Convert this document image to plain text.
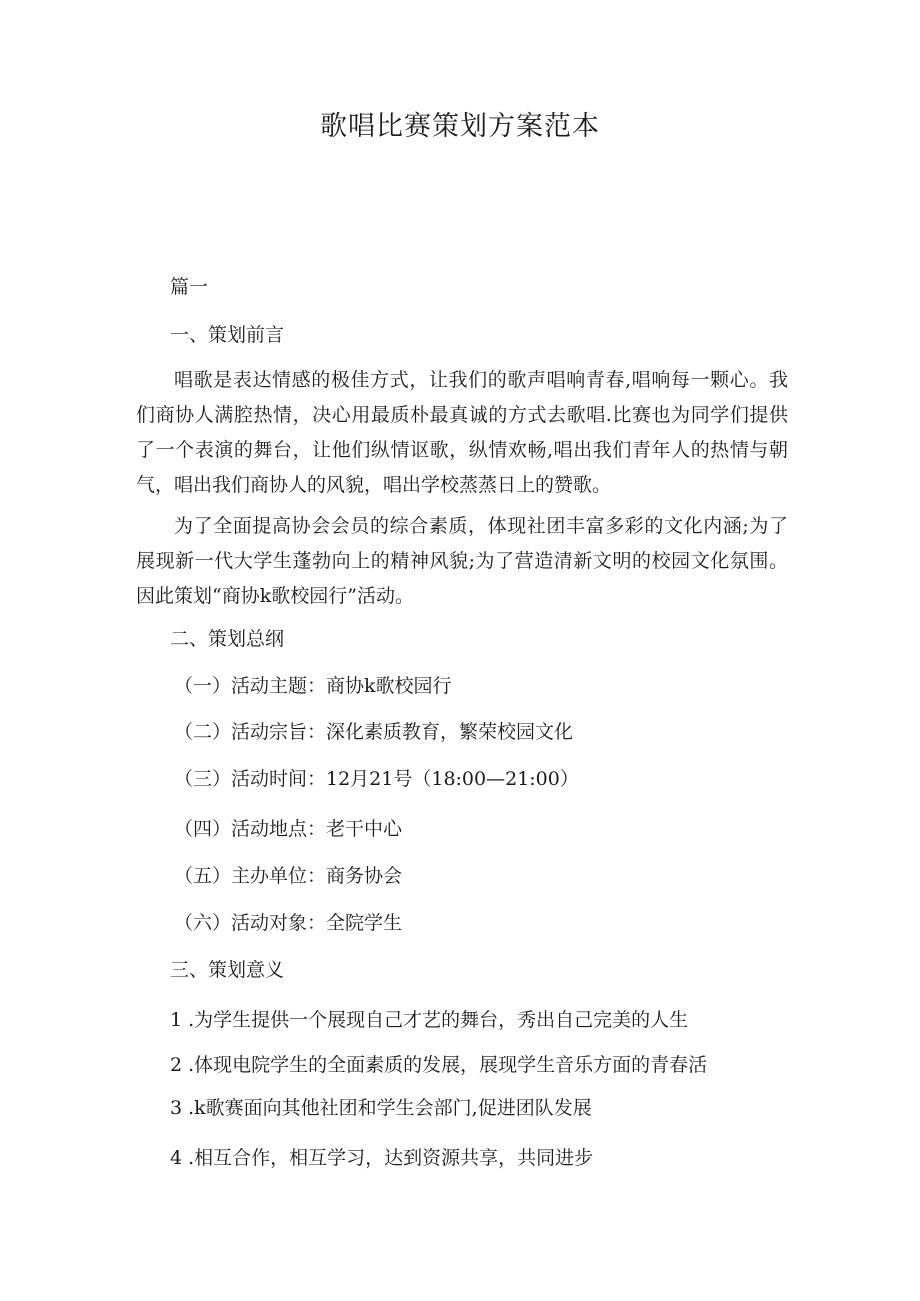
歌唱比赛策划方案范本
篇一
一、策划前言
唱歌是表达情感的极佳方式，让我们的歌声唱响青春,唱响每一颗心。我们商协人满腔热情，决心用最质朴最真诚的方式去歌唱.比赛也为同学们提供了一个表演的舞台，让他们纵情讴歌，纵情欢畅,唱出我们青年人的热情与朝气，唱出我们商协人的风貌，唱出学校蒸蒸日上的赞歌。
为了全面提高协会会员的综合素质，体现社团丰富多彩的文化内涵;为了展现新一代大学生蓬勃向上的精神风貌;为了营造清新文明的校园文化氛围。因此策划“商协k歌校园行”活动。
二、策划总纲
（一）活动主题：商协k歌校园行
（二）活动宗旨：深化素质教育，繁荣校园文化
（三）活动时间：12月21号（18:00—21:00）
（四）活动地点：老干中心
（五）主办单位：商务协会
（六）活动对象：全院学生
三、策划意义
1 .为学生提供一个展现自己才艺的舞台，秀出自己完美的人生
2 .体现电院学生的全面素质的发展，展现学生音乐方面的青春活
3 .k歌赛面向其他社团和学生会部门,促进团队发展
4 .相互合作，相互学习，达到资源共享，共同进步
